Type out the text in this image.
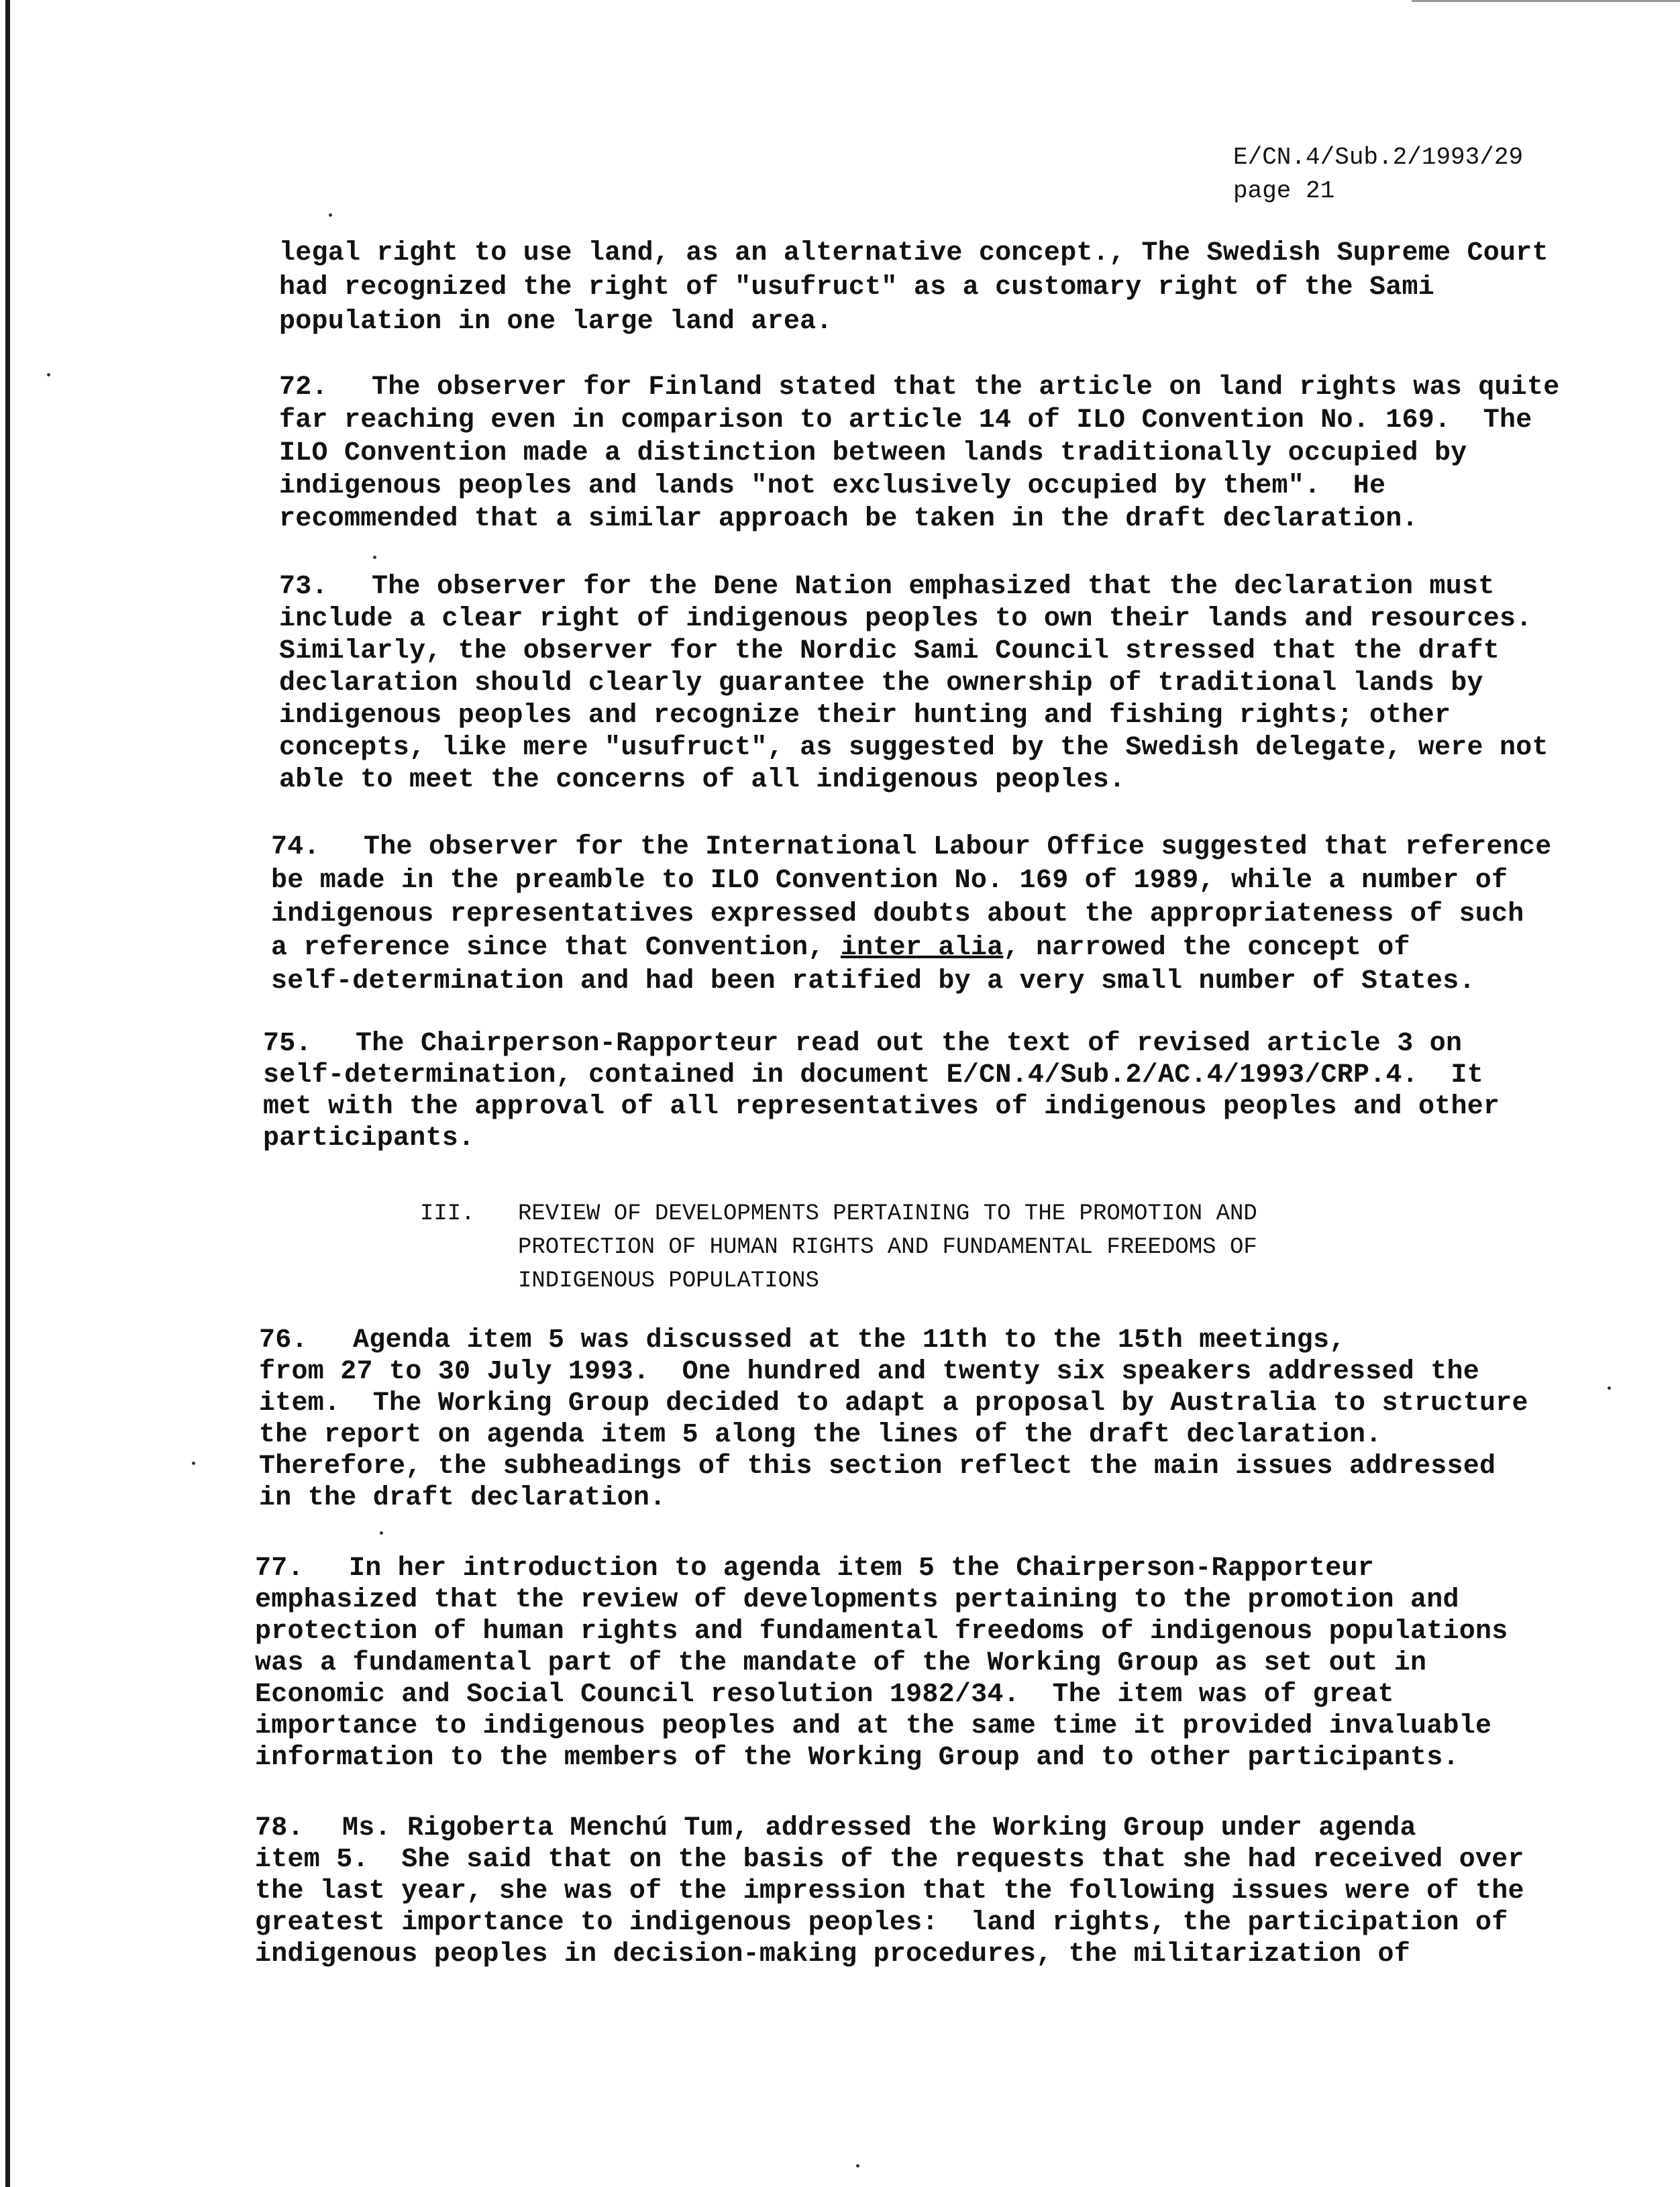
E/CN.4/Sub.2/1993/29
page 21
legal right to use land, as an alternative concept., The Swedish Supreme Court
had recognized the right of "usufruct" as a customary right of the Sami
population in one large land area.
72. The observer for Finland stated that the article on land rights was quite
far reaching even in comparison to article 14 of ILO Convention No. 169.  The
ILO Convention made a distinction between lands traditionally occupied by
indigenous peoples and lands "not exclusively occupied by them".  He
recommended that a similar approach be taken in the draft declaration.
73. The observer for the Dene Nation emphasized that the declaration must
include a clear right of indigenous peoples to own their lands and resources.
Similarly, the observer for the Nordic Sami Council stressed that the draft
declaration should clearly guarantee the ownership of traditional lands by
indigenous peoples and recognize their hunting and fishing rights; other
concepts, like mere "usufruct", as suggested by the Swedish delegate, were not
able to meet the concerns of all indigenous peoples.
74. The observer for the International Labour Office suggested that reference
be made in the preamble to ILO Convention No. 169 of 1989, while a number of
indigenous representatives expressed doubts about the appropriateness of such
a reference since that Convention, inter alia, narrowed the concept of
self-determination and had been ratified by a very small number of States.
75. The Chairperson-Rapporteur read out the text of revised article 3 on
self-determination, contained in document E/CN.4/Sub.2/AC.4/1993/CRP.4.  It
met with the approval of all representatives of indigenous peoples and other
participants.
III. REVIEW OF DEVELOPMENTS PERTAINING TO THE PROMOTION AND
PROTECTION OF HUMAN RIGHTS AND FUNDAMENTAL FREEDOMS OF
INDIGENOUS POPULATIONS
76. Agenda item 5 was discussed at the 11th to the 15th meetings,
from 27 to 30 July 1993.  One hundred and twenty six speakers addressed the
item.  The Working Group decided to adapt a proposal by Australia to structure
the report on agenda item 5 along the lines of the draft declaration.
Therefore, the subheadings of this section reflect the main issues addressed
in the draft declaration.
77. In her introduction to agenda item 5 the Chairperson-Rapporteur
emphasized that the review of developments pertaining to the promotion and
protection of human rights and fundamental freedoms of indigenous populations
was a fundamental part of the mandate of the Working Group as set out in
Economic and Social Council resolution 1982/34.  The item was of great
importance to indigenous peoples and at the same time it provided invaluable
information to the members of the Working Group and to other participants.
78. Ms. Rigoberta Menchú Tum, addressed the Working Group under agenda
item 5.  She said that on the basis of the requests that she had received over
the last year, she was of the impression that the following issues were of the
greatest importance to indigenous peoples:  land rights, the participation of
indigenous peoples in decision-making procedures, the militarization of
